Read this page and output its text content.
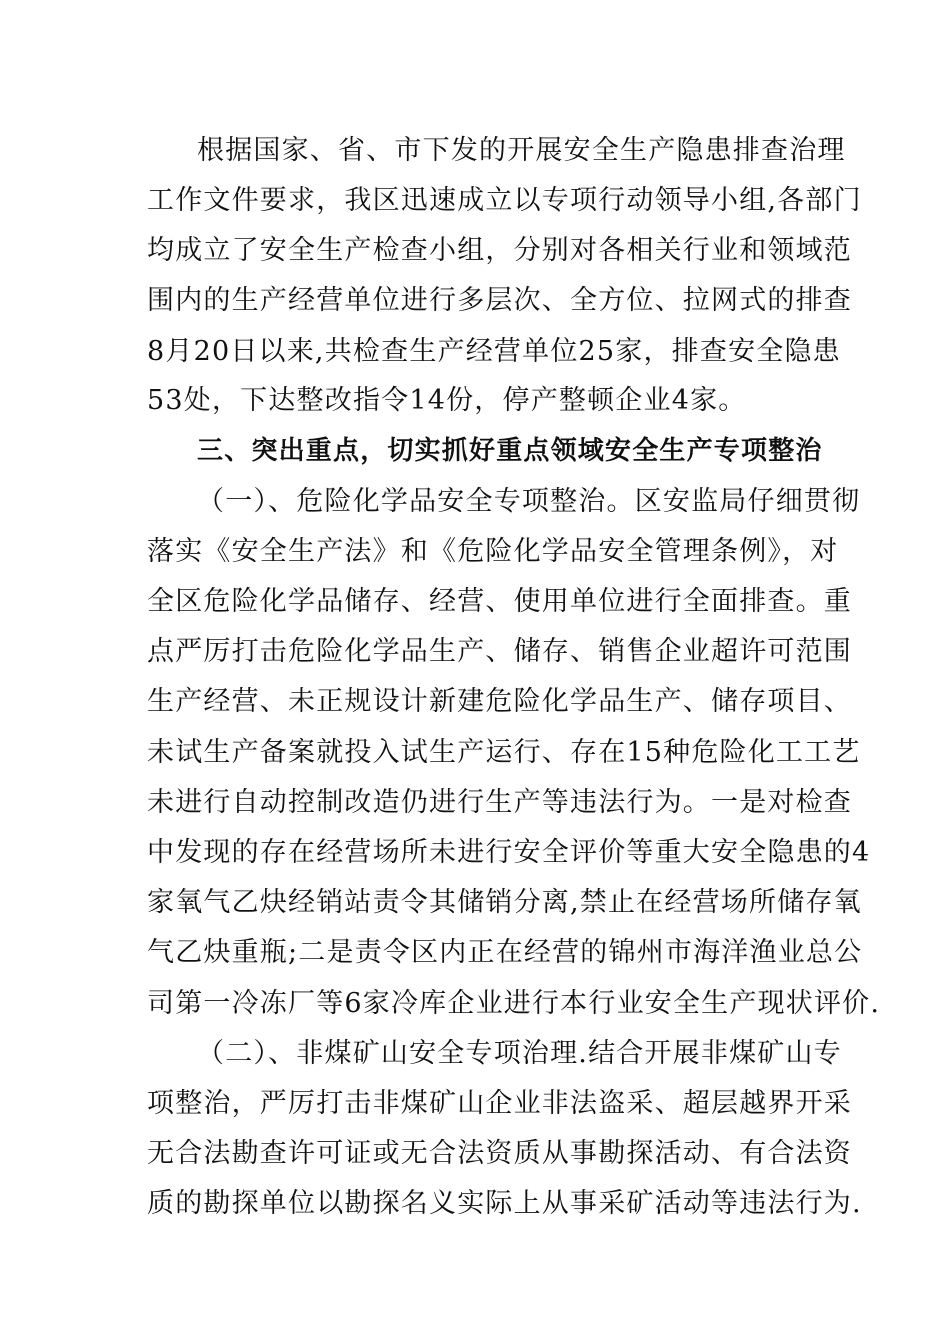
根据国家、省、市下发的开展安全生产隐患排查治理
工作文件要求，我区迅速成立以专项行动领导小组,各部门
均成立了安全生产检查小组，分别对各相关行业和领域范
围内的生产经营单位进行多层次、全方位、拉网式的排查
8月20日以来,共检查生产经营单位25家，排查安全隐患
53处，下达整改指令14份，停产整顿企业4家。
三、突出重点，切实抓好重点领域安全生产专项整治
（一）、危险化学品安全专项整治。区安监局仔细贯彻
落实《安全生产法》和《危险化学品安全管理条例》，对
全区危险化学品储存、经营、使用单位进行全面排查。重
点严厉打击危险化学品生产、储存、销售企业超许可范围
生产经营、未正规设计新建危险化学品生产、储存项目、
未试生产备案就投入试生产运行、存在15种危险化工工艺
未进行自动控制改造仍进行生产等违法行为。一是对检查
中发现的存在经营场所未进行安全评价等重大安全隐患的4
家氧气乙炔经销站责令其储销分离,禁止在经营场所储存氧
气乙炔重瓶;二是责令区内正在经营的锦州市海洋渔业总公
司第一冷冻厂等6家冷库企业进行本行业安全生产现状评价.
（二）、非煤矿山安全专项治理.结合开展非煤矿山专
项整治，严厉打击非煤矿山企业非法盗采、超层越界开采
无合法勘查许可证或无合法资质从事勘探活动、有合法资
质的勘探单位以勘探名义实际上从事采矿活动等违法行为.
